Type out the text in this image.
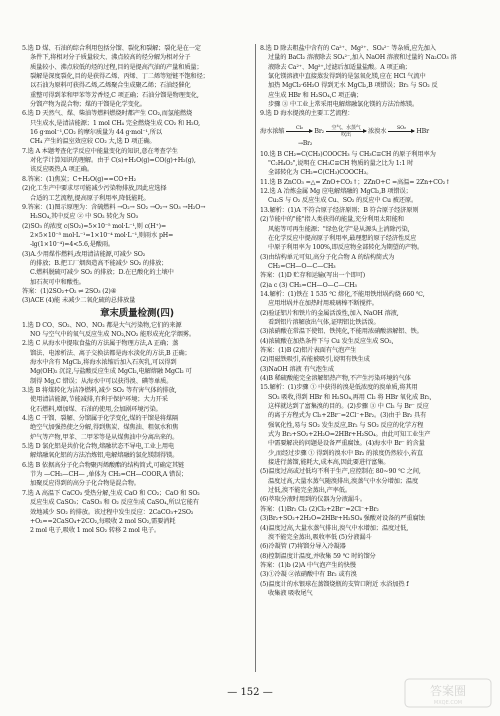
5.选 D 煤、石油的综合利用包括分馏、裂化和裂解；裂化是在一定
条件下,将相对分子质量较大、沸点较高的烃分解为相对分子
质量较小、沸点较低的烃的过程,目的是提高汽油的产量和质量；
裂解是深度裂化,目的是获得乙烯、丙烯、丁二烯等短链不饱和烃；
以石油为原料可获得乙烯,乙烯聚合生成聚乙烯；石油经催化
重整可得到苯和甲苯等芳香烃,C 项正确；石油分馏是物理变化,
分馏产物为混合物；煤的干馏是化学变化。
6.选 D 天然气、煤、柴油等燃料燃烧时都产生 CO₂,而氢能燃烧
只生成水,是清洁能源；1 mol CH₄ 完全燃烧生成 CO₂ 和 H₂O,
16 g·mol⁻¹,CO₂ 的摩尔质量为 44 g·mol⁻¹,所以
CH₄ 产生的温室效应较 CO₂ 大,选 D 项正确。
7.选 A 本题考查化学反应中能量变化的知识,意在考查学生
对化学计算知识的理解。由于 C(s)+H₂O(g)=CO(g)+H₂(g),
该反应吸热,A 项正确。
8.答案：(1)焦炭；C+H₂O(g)==CO+H₂
(2)化工生产中要求尽可能减少污染物排放,因此应选择
合适的工艺流程,提高原子利用率,降低能耗。
9.答案：(1)图示原理为：含硫燃料 →O₂→ SO₂ →O₂→ SO₃ →H₂O→
H₂SO₄,其中反应 ② 中 SO₂ 转化为 SO₃
(2)SO₃ 的浓度 c(SO₂)=5×10⁻⁵ mol·L⁻¹,则 c(H⁺)=
2×5×10⁻⁵ mol·L⁻¹=1×10⁻⁴ mol·L⁻¹,则雨水 pH=
-lg(1×10⁻⁴)=4<5.6,是酸雨。
(3)A.少用煤作燃料,改用清洁能源,可减少 SO₂
的排放；B.把工厂烟囱造高不能减少 SO₂ 的排放；
C.燃料脱硫可减少 SO₂ 的排放；D.在已酸化的土壤中
加石灰可中和酸性。
答案：(1)2SO₂+O₂ ⇌ 2SO₃ (2)④
(3)ACE (4)能 未减少二氧化硫的总排放量
章末质量检测(四)
1.选 D CO、SO₂、NO、NO₂ 都是大气污染物,它们的来源
NO 与空气中的氧气反应生成 NO₂,NO₂ 能形成光化学烟雾。
2.选 C 从海水中提取食盐的方法属于物理方法,A 正确；蒸
馏法、电渗析法、离子交换法都是海水淡化的方法,B 正确；
海水中含有 MgCl₂,将海水浓缩后加入石灰乳,可以得到
Mg(OH)₂ 沉淀,与盐酸反应生成 MgCl₂,电解熔融 MgCl₂ 可
制得 Mg,C 错误；从海水中可以获得溴、碘等单质。
3.选 B 将煤转化为洁净燃料,减少 SO₂ 等有害气体的排放,
使用清洁能源,节能减排,有利于保护环境；大力开采
化石燃料,增加煤、石油的使用,会加剧环境污染。
4.选 C 干馏、裂解、分馏属于化学变化,煤的干馏是将煤隔
绝空气加强热使之分解,得到焦炭、煤焦油、粗氨水和焦
炉气等产物,甲苯、二甲苯等是从煤焦油中分离出来的。
5.选 D 氯化铝是共价化合物,熔融状态不导电,工业上用电
解熔融氧化铝的方法冶炼铝,电解熔融的氯化镁制得镁。
6.选 B 依据高分子化合物聚丙烯酸酯的结构简式,可确定其链
节为 —CH₂—CH— ,单体为 CH₂=CH—COOR,A 错误；
加聚反应得到的高分子化合物是混合物。
7.选 A 高温下 CaCO₃ 受热分解,生成 CaO 和 CO₂；CaO 和 SO₂
反应生成 CaSO₃；CaSO₃ 和 O₂ 反应生成 CaSO₄,所以它能有
效地减少 SO₂ 的排放。该过程中发生反应：2CaCO₃+2SO₂
+O₂==2CaSO₄+2CO₂,每吸收 2 mol SO₂,需要消耗
2 mol 电子,吸收 1 mol SO₂ 转移 2 mol 电子。
8.选 D 除去粗盐中含有的 Ca²⁺、Mg²⁺、SO₄²⁻ 等杂质,应先加入
过量的 BaCl₂ 溶液除去 SO₄²⁻,加入 NaOH 溶液和过量的 Na₂CO₃ 溶
液除去 Ca²⁺、Mg²⁺,过滤后加适量盐酸。A 项正确；
氯化镁溶液中直接蒸发得到的是氢氧化镁,应在 HCl 气流中
加热 MgCl₂·6H₂O 得到无水 MgCl₂,B 项错误；Br₂ 与 SO₂ 反
应生成 HBr 和 H₂SO₄,C 项正确；
步骤 ③ 中工业上常采用电解熔融氯化镁的方法冶炼镁。
9.选 D 海水提溴的主要工艺流程：
海水浓缩
Cl₂

Br₂
空气、水蒸气
吹出	浓溴水
SO₂

HBr
→Br₂
10.选 B CH₂=C(CH₃)COOCH₃ 与 CH₃C≡CH 的原子利用率为
"C₂H₄O₂",说明在 CH₃C≡CH 物质的量之比为 1:1 时
全部转化为 CH₂=C(CH₃)COOCH₃。
11.选 B ZnCO₃ =△= ZnO+CO₂↑；2ZnO+C =高温= 2Zn+CO₂↑
12.选 A 冶炼金属 Mg 应电解熔融的 MgCl₂,B 项错误；
Cu₂S 与 O₂ 反应生成 Cu、SO₂ 的反应中 Cu 被还原。
13.解析：(1)A 不符合原子经济原则；B 符合原子经济原则
(2)节能中的"能"指人类获得的能量,充分利用太阳能和
风能等可再生能源；"绿色化学"是从源头上消除污染,
在化学反应中提高原子利用率,最理想的原子经济性反应
中原子利用率为 100%,即反应物全部转化为期望的产物。
(3)由结构单元可知,高分子化合物 A 的结构简式为
CH₂=CH—O—C—CH₃
答案：(1)D 贮存和运输(写出一个即可)
(2)a c (3) CH₂=CH—O—C—CH₃
14.解析：(1)铁在 1 535 ℃ 熔化,不能用铁坩埚灼烧 660 ℃,
应用坩埚并在加热时用玻璃棒不断搅拌。
(2)验证铝片和铁片的金属活泼性,加入 NaOH 溶液,
看到铝片溶解放出气体,证明铝比铁活泼。
(3)浓硝酸在常温下使铝、铁钝化,不能用浓硝酸溶解铝、铁。
(4)浓硫酸在加热条件下与 Cu 发生反应生成 SO₂,
答案：(1)B (2)铝片表面有气泡产生
(2)用磁铁吸引,若能被吸引,说明有铁生成
(3)NaOH 溶液 有气泡生成
(4)B 稀硫酸能完全溶解铝热产物,不产生污染环境的气体
15.解析：(1)步骤 ① 中获得的溴是低浓度的溴单质,将其用
SO₂ 吸收,得到 HBr 和 H₂SO₄,再用 Cl₂ 将 HBr 氧化成 Br₂,
这样就达到了富集溴的目的。(2)步骤 ③ 中 Cl₂ 与 Br⁻ 反应
的离子方程式为 Cl₂+2Br⁻=2Cl⁻+Br₂。(3)由于 Br₂ 具有
强氧化性,易与 SO₂ 发生反应,Br₂ 与 SO₂ 反应的化学方程
式为 Br₂+SO₂+2H₂O=2HBr+H₂SO₄。由此可知工业生产
中需要解决的问题是设备严重腐蚀。(4)海水中 Br⁻ 的含量
少,而经过步骤 ① 得到的溴水中 Br₂ 的浓度仍然较小,若直
接进行蒸馏,能耗大,成本高,因此要进行富集。
(5)温度过高或过低均不利于生产,应控制在 80~90 ℃ 之间,
温度过高,大量水蒸气随溴排出,溴蒸气中水分增加；温度
过低,溴不能完全蒸出,产率低。
(6)萃取分液时用到的仪器为分液漏斗。
答案：(1)Br₂ Cl₂ (2)Cl₂+2Br⁻=2Cl⁻+Br₂
(3)Br₂+SO₂+2H₂O=2HBr+H₂SO₄ 强酸对设备的严重腐蚀
(4)温度过高,大量水蒸气排出,溴气中水增加；温度过低,
溴不能完全蒸出,吸收率低 (5)分液漏斗
(6)冷凝管 (7)将馏分导入冷凝器
(8)控制温度计温度,并收集 59 ℃ 时的馏分
答案：(1)b (2)A 中气泡产生的快慢
(3)①冷凝 ②浓硝酸中有 Br₂ 或有溴
(5)温度计的水银球在蒸馏烧瓶的支管口附近 水浴加热 f
收集液 吸收尾气
— 152 —	答案圈
MXQE.COM
